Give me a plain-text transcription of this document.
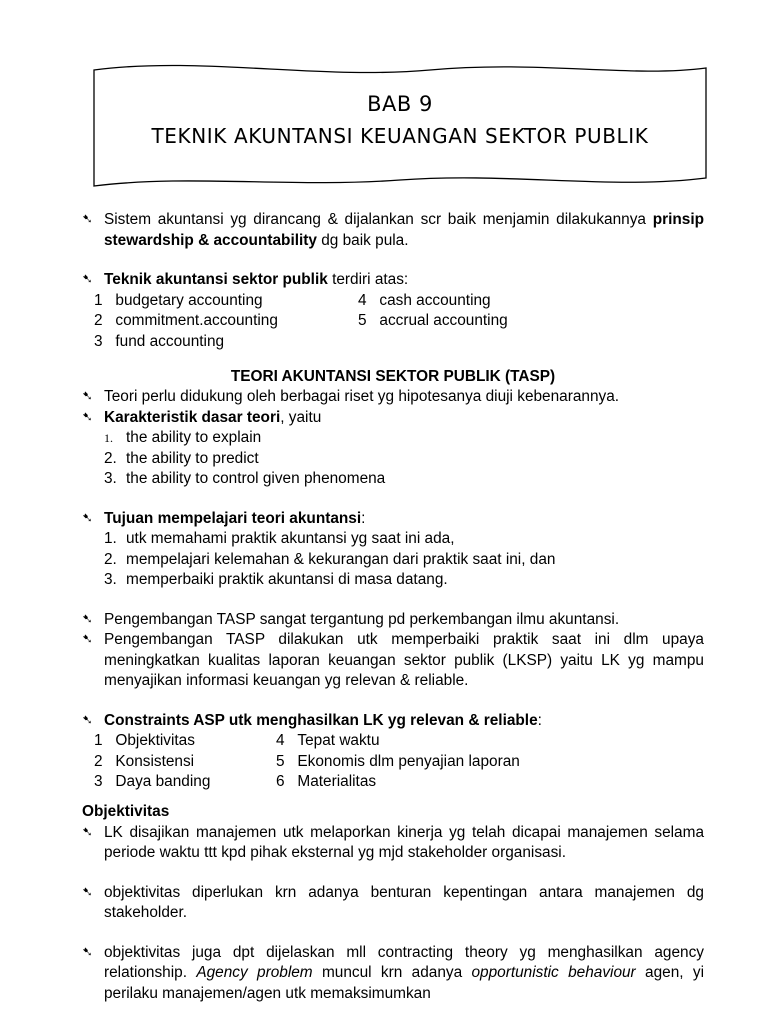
BAB 9
TEKNIK AKUNTANSI KEUANGAN SEKTOR PUBLIK
➷ Sistem akuntansi yg dirancang & dijalankan scr baik menjamin dilakukannya prinsip stewardship & accountability dg baik pula.
➷ Teknik akuntansi sektor publik terdiri atas:
1 budgetary accounting
2 commitment.accounting
3 fund accounting
4 cash accounting
5 accrual accounting
TEORI AKUNTANSI SEKTOR PUBLIK (TASP)
➷ Teori perlu didukung oleh berbagai riset yg hipotesanya diuji kebenarannya.
➷ Karakteristik dasar teori, yaitu
1. the ability to explain
2. the ability to predict
3. the ability to control given phenomena
➷ Tujuan mempelajari teori akuntansi:
1. utk memahami praktik akuntansi yg saat ini ada,
2. mempelajari kelemahan & kekurangan dari praktik saat ini, dan
3. memperbaiki praktik akuntansi di masa datang.
➷ Pengembangan TASP sangat tergantung pd perkembangan ilmu akuntansi.
➷ Pengembangan TASP dilakukan utk memperbaiki praktik saat ini dlm upaya meningkatkan kualitas laporan keuangan sektor publik (LKSP) yaitu LK yg mampu menyajikan informasi keuangan yg relevan & reliable.
➷ Constraints ASP utk menghasilkan LK yg relevan & reliable:
1 Objektivitas
2 Konsistensi
3 Daya banding
4 Tepat waktu
5 Ekonomis dlm penyajian laporan
6 Materialitas
Objektivitas
➷ LK disajikan manajemen utk melaporkan kinerja yg telah dicapai manajemen selama periode waktu ttt kpd pihak eksternal yg mjd stakeholder organisasi.
➷ objektivitas diperlukan krn adanya benturan kepentingan antara manajemen dg stakeholder.
➷ objektivitas juga dpt dijelaskan mll contracting theory yg menghasilkan agency relationship. Agency problem muncul krn adanya opportunistic behaviour agen, yi perilaku manajemen/agen utk memaksimumkan
